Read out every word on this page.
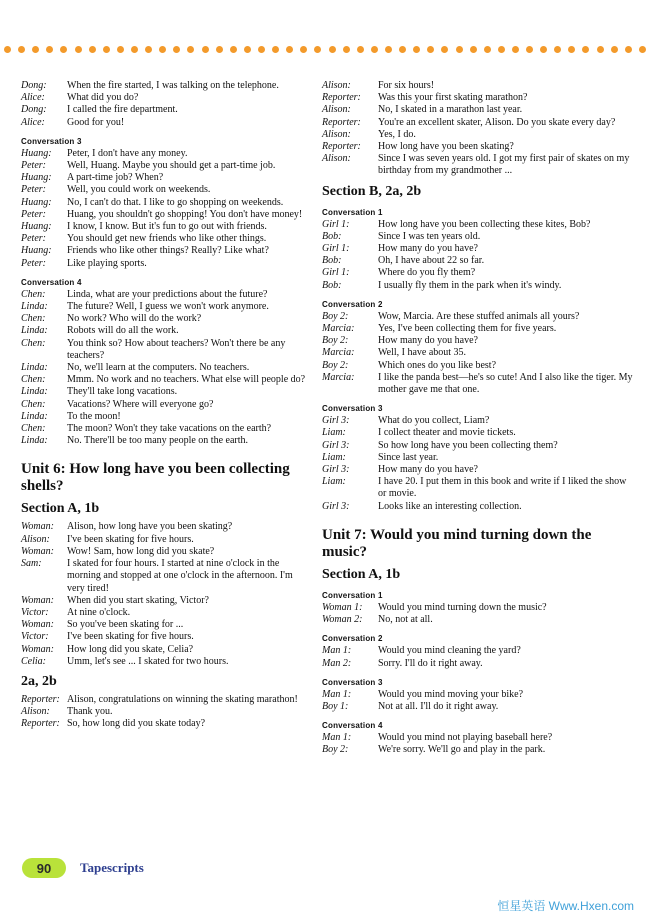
Dong:	When the fire started, I was talking on the telephone.
Alice:	What did you do?
Dong:	I called the fire department.
Alice:	Good for you!
Conversation 3
Huang:	Peter, I don't have any money.
Peter:	Well, Huang. Maybe you should get a part-time job.
Huang:	A part-time job? When?
Peter:	Well, you could work on weekends.
Huang:	No, I can't do that. I like to go shopping on weekends.
Peter:	Huang, you shouldn't go shopping! You don't have money!
Huang:	I know, I know. But it's fun to go out with friends.
Peter:	You should get new friends who like other things.
Huang:	Friends who like other things? Really? Like what?
Peter:	Like playing sports.
Conversation 4
Chen:	Linda, what are your predictions about the future?
Linda:	The future? Well, I guess we won't work anymore.
Chen:	No work? Who will do the work?
Linda:	Robots will do all the work.
Chen:	You think so? How about teachers? Won't there be any teachers?
Linda:	No, we'll learn at the computers. No teachers.
Chen:	Mmm. No work and no teachers. What else will people do?
Linda:	They'll take long vacations.
Chen:	Vacations? Where will everyone go?
Linda:	To the moon!
Chen:	The moon? Won't they take vacations on the earth?
Linda:	No. There'll be too many people on the earth.
Unit 6: How long have you been collecting shells?
Section A, 1b
Woman:	Alison, how long have you been skating?
Alison:	I've been skating for five hours.
Woman:	Wow! Sam, how long did you skate?
Sam:	I skated for four hours. I started at nine o'clock in the morning and stopped at one o'clock in the afternoon. I'm very tired!
Woman:	When did you start skating, Victor?
Victor:	At nine o'clock.
Woman:	So you've been skating for ...
Victor:	I've been skating for five hours.
Woman:	How long did you skate, Celia?
Celia:	Umm, let's see ... I skated for two hours.
2a, 2b
Reporter: Alison, congratulations on winning the skating marathon!
Alison:	Thank you.
Reporter: So, how long did you skate today?
Alison:	For six hours!
Reporter:	Was this your first skating marathon?
Alison:	No, I skated in a marathon last year.
Reporter:	You're an excellent skater, Alison. Do you skate every day?
Alison:	Yes, I do.
Reporter:	How long have you been skating?
Alison:	Since I was seven years old. I got my first pair of skates on my birthday from my grandmother ...
Section B, 2a, 2b
Conversation 1
Girl 1:	How long have you been collecting these kites, Bob?
Bob:	Since I was ten years old.
Girl 1:	How many do you have?
Bob:	Oh, I have about 22 so far.
Girl 1:	Where do you fly them?
Bob:	I usually fly them in the park when it's windy.
Conversation 2
Boy 2:	Wow, Marcia. Are these stuffed animals all yours?
Marcia:	Yes, I've been collecting them for five years.
Boy 2:	How many do you have?
Marcia:	Well, I have about 35.
Boy 2:	Which ones do you like best?
Marcia:	I like the panda best—he's so cute! And I also like the tiger. My mother gave me that one.
Conversation 3
Girl 3:	What do you collect, Liam?
Liam:	I collect theater and movie tickets.
Girl 3:	So how long have you been collecting them?
Liam:	Since last year.
Girl 3:	How many do you have?
Liam:	I have 20. I put them in this book and write if I liked the show or movie.
Girl 3:	Looks like an interesting collection.
Unit 7: Would you mind turning down the music?
Section A, 1b
Conversation 1
Woman 1:	Would you mind turning down the music?
Woman 2:	No, not at all.
Conversation 2
Man 1:	Would you mind cleaning the yard?
Man 2:	Sorry. I'll do it right away.
Conversation 3
Man 1:	Would you mind moving your bike?
Boy 1:	Not at all. I'll do it right away.
Conversation 4
Man 1:	Would you mind not playing baseball here?
Boy 2:	We're sorry. We'll go and play in the park.
90	Tapescripts
恒星英语 Www.Hxen.com
